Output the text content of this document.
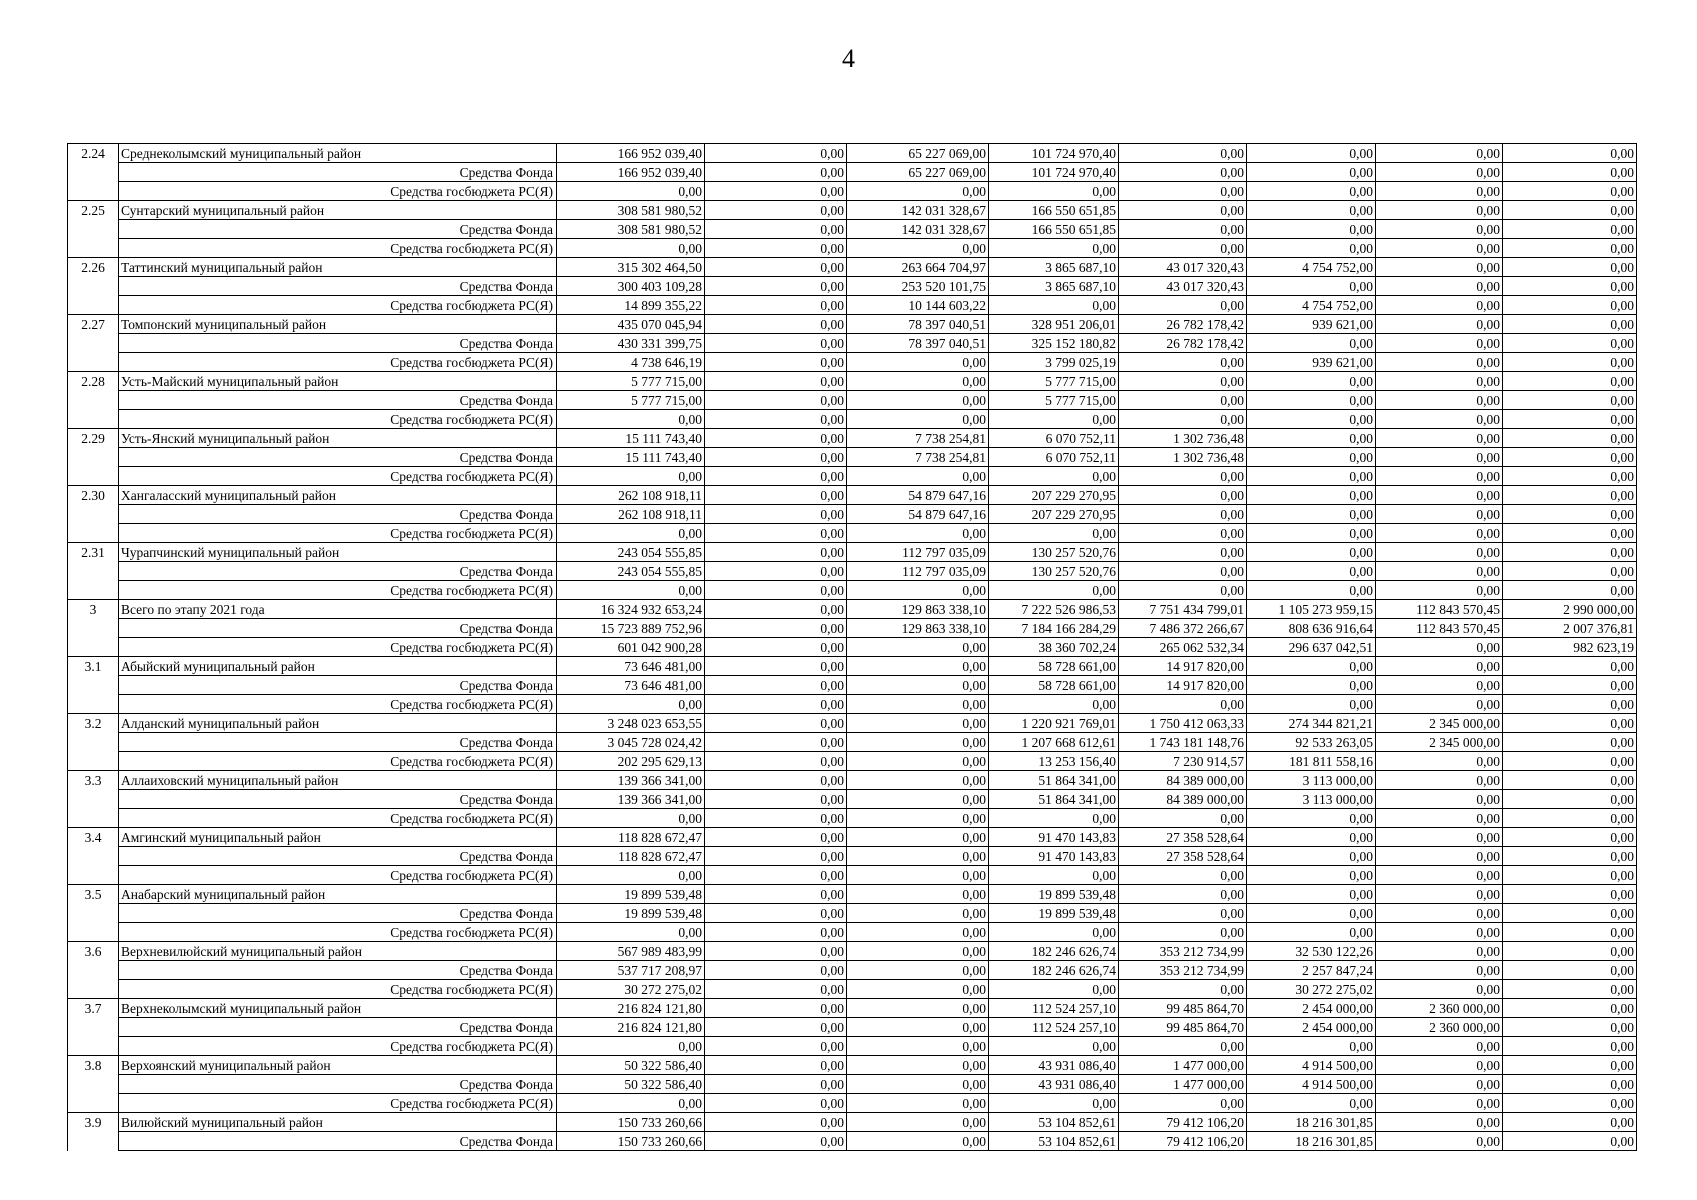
4
2.24	Среднеколымский муниципальный район	166 952 039,40	0,00	65 227 069,00	101 724 970,40	0,00	0,00	0,00	0,00
	Средства Фонда	166 952 039,40	0,00	65 227 069,00	101 724 970,40	0,00	0,00	0,00	0,00
	Средства госбюджета РС(Я)	0,00	0,00	0,00	0,00	0,00	0,00	0,00	0,00
2.25	Сунтарский муниципальный район	308 581 980,52	0,00	142 031 328,67	166 550 651,85	0,00	0,00	0,00	0,00
	Средства Фонда	308 581 980,52	0,00	142 031 328,67	166 550 651,85	0,00	0,00	0,00	0,00
	Средства госбюджета РС(Я)	0,00	0,00	0,00	0,00	0,00	0,00	0,00	0,00
2.26	Таттинский муниципальный район	315 302 464,50	0,00	263 664 704,97	3 865 687,10	43 017 320,43	4 754 752,00	0,00	0,00
	Средства Фонда	300 403 109,28	0,00	253 520 101,75	3 865 687,10	43 017 320,43	0,00	0,00	0,00
	Средства госбюджета РС(Я)	14 899 355,22	0,00	10 144 603,22	0,00	0,00	4 754 752,00	0,00	0,00
2.27	Томпонский муниципальный район	435 070 045,94	0,00	78 397 040,51	328 951 206,01	26 782 178,42	939 621,00	0,00	0,00
	Средства Фонда	430 331 399,75	0,00	78 397 040,51	325 152 180,82	26 782 178,42	0,00	0,00	0,00
	Средства госбюджета РС(Я)	4 738 646,19	0,00	0,00	3 799 025,19	0,00	939 621,00	0,00	0,00
2.28	Усть-Майский муниципальный район	5 777 715,00	0,00	0,00	5 777 715,00	0,00	0,00	0,00	0,00
	Средства Фонда	5 777 715,00	0,00	0,00	5 777 715,00	0,00	0,00	0,00	0,00
	Средства госбюджета РС(Я)	0,00	0,00	0,00	0,00	0,00	0,00	0,00	0,00
2.29	Усть-Янский муниципальный район	15 111 743,40	0,00	7 738 254,81	6 070 752,11	1 302 736,48	0,00	0,00	0,00
	Средства Фонда	15 111 743,40	0,00	7 738 254,81	6 070 752,11	1 302 736,48	0,00	0,00	0,00
	Средства госбюджета РС(Я)	0,00	0,00	0,00	0,00	0,00	0,00	0,00	0,00
2.30	Хангаласский муниципальный район	262 108 918,11	0,00	54 879 647,16	207 229 270,95	0,00	0,00	0,00	0,00
	Средства Фонда	262 108 918,11	0,00	54 879 647,16	207 229 270,95	0,00	0,00	0,00	0,00
	Средства госбюджета РС(Я)	0,00	0,00	0,00	0,00	0,00	0,00	0,00	0,00
2.31	Чурапчинский муниципальный район	243 054 555,85	0,00	112 797 035,09	130 257 520,76	0,00	0,00	0,00	0,00
	Средства Фонда	243 054 555,85	0,00	112 797 035,09	130 257 520,76	0,00	0,00	0,00	0,00
	Средства госбюджета РС(Я)	0,00	0,00	0,00	0,00	0,00	0,00	0,00	0,00
3	Всего по этапу 2021 года	16 324 932 653,24	0,00	129 863 338,10	7 222 526 986,53	7 751 434 799,01	1 105 273 959,15	112 843 570,45	2 990 000,00
	Средства Фонда	15 723 889 752,96	0,00	129 863 338,10	7 184 166 284,29	7 486 372 266,67	808 636 916,64	112 843 570,45	2 007 376,81
	Средства госбюджета РС(Я)	601 042 900,28	0,00	0,00	38 360 702,24	265 062 532,34	296 637 042,51	0,00	982 623,19
3.1	Абыйский муниципальный район	73 646 481,00	0,00	0,00	58 728 661,00	14 917 820,00	0,00	0,00	0,00
	Средства Фонда	73 646 481,00	0,00	0,00	58 728 661,00	14 917 820,00	0,00	0,00	0,00
	Средства госбюджета РС(Я)	0,00	0,00	0,00	0,00	0,00	0,00	0,00	0,00
3.2	Алданский муниципальный район	3 248 023 653,55	0,00	0,00	1 220 921 769,01	1 750 412 063,33	274 344 821,21	2 345 000,00	0,00
	Средства Фонда	3 045 728 024,42	0,00	0,00	1 207 668 612,61	1 743 181 148,76	92 533 263,05	2 345 000,00	0,00
	Средства госбюджета РС(Я)	202 295 629,13	0,00	0,00	13 253 156,40	7 230 914,57	181 811 558,16	0,00	0,00
3.3	Аллаиховский муниципальный район	139 366 341,00	0,00	0,00	51 864 341,00	84 389 000,00	3 113 000,00	0,00	0,00
	Средства Фонда	139 366 341,00	0,00	0,00	51 864 341,00	84 389 000,00	3 113 000,00	0,00	0,00
	Средства госбюджета РС(Я)	0,00	0,00	0,00	0,00	0,00	0,00	0,00	0,00
3.4	Амгинский муниципальный район	118 828 672,47	0,00	0,00	91 470 143,83	27 358 528,64	0,00	0,00	0,00
	Средства Фонда	118 828 672,47	0,00	0,00	91 470 143,83	27 358 528,64	0,00	0,00	0,00
	Средства госбюджета РС(Я)	0,00	0,00	0,00	0,00	0,00	0,00	0,00	0,00
3.5	Анабарский муниципальный район	19 899 539,48	0,00	0,00	19 899 539,48	0,00	0,00	0,00	0,00
	Средства Фонда	19 899 539,48	0,00	0,00	19 899 539,48	0,00	0,00	0,00	0,00
	Средства госбюджета РС(Я)	0,00	0,00	0,00	0,00	0,00	0,00	0,00	0,00
3.6	Верхневилюйский муниципальный район	567 989 483,99	0,00	0,00	182 246 626,74	353 212 734,99	32 530 122,26	0,00	0,00
	Средства Фонда	537 717 208,97	0,00	0,00	182 246 626,74	353 212 734,99	2 257 847,24	0,00	0,00
	Средства госбюджета РС(Я)	30 272 275,02	0,00	0,00	0,00	0,00	30 272 275,02	0,00	0,00
3.7	Верхнеколымский муниципальный район	216 824 121,80	0,00	0,00	112 524 257,10	99 485 864,70	2 454 000,00	2 360 000,00	0,00
	Средства Фонда	216 824 121,80	0,00	0,00	112 524 257,10	99 485 864,70	2 454 000,00	2 360 000,00	0,00
	Средства госбюджета РС(Я)	0,00	0,00	0,00	0,00	0,00	0,00	0,00	0,00
3.8	Верхоянский муниципальный район	50 322 586,40	0,00	0,00	43 931 086,40	1 477 000,00	4 914 500,00	0,00	0,00
	Средства Фонда	50 322 586,40	0,00	0,00	43 931 086,40	1 477 000,00	4 914 500,00	0,00	0,00
	Средства госбюджета РС(Я)	0,00	0,00	0,00	0,00	0,00	0,00	0,00	0,00
3.9	Вилюйский муниципальный район	150 733 260,66	0,00	0,00	53 104 852,61	79 412 106,20	18 216 301,85	0,00	0,00
	Средства Фонда	150 733 260,66	0,00	0,00	53 104 852,61	79 412 106,20	18 216 301,85	0,00	0,00
